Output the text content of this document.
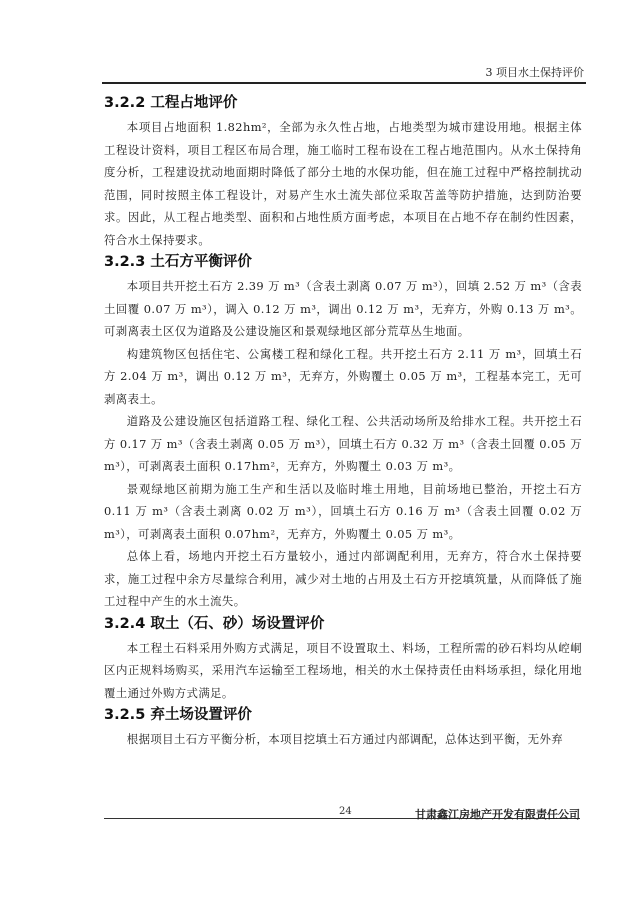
3 项目水土保持评价
3.2.2 工程占地评价

本项目占地面积 1.82hm²，全部为永久性占地，占地类型为城市建设用地。根据主体工程设计资料，项目工程区布局合理，施工临时工程布设在工程占地范围内。从水土保持角度分析，工程建设扰动地面期时降低了部分土地的水保功能，但在施工过程中严格控制扰动范围，同时按照主体工程设计，对易产生水土流失部位采取苫盖等防护措施，达到防治要求。因此，从工程占地类型、面积和占地性质方面考虑，本项目在占地不存在制约性因素，符合水土保持要求。

3.2.3 土石方平衡评价

本项目共开挖土石方 2.39 万 m³（含表土剥离 0.07 万 m³），回填 2.52 万 m³（含表土回覆 0.07 万 m³），调入 0.12 万 m³，调出 0.12 万 m³，无弃方，外购 0.13 万 m³。可剥离表土区仅为道路及公建设施区和景观绿地区部分荒草丛生地面。

构建筑物区包括住宅、公寓楼工程和绿化工程。共开挖土石方 2.11 万 m³，回填土石方 2.04 万 m³，调出 0.12 万 m³，无弃方，外购覆土 0.05 万 m³，工程基本完工，无可剥离表土。

道路及公建设施区包括道路工程、绿化工程、公共活动场所及给排水工程。共开挖土石方 0.17 万 m³（含表土剥离 0.05 万 m³），回填土石方 0.32 万 m³（含表土回覆 0.05 万 m³），可剥离表土面积 0.17hm²，无弃方，外购覆土 0.03 万 m³。

景观绿地区前期为施工生产和生活以及临时堆土用地，目前场地已整治，开挖土石方 0.11 万 m³（含表土剥离 0.02 万 m³），回填土石方 0.16 万 m³（含表土回覆 0.02 万 m³），可剥离表土面积 0.07hm²，无弃方，外购覆土 0.05 万 m³。

总体上看，场地内开挖土石方量较小，通过内部调配利用，无弃方，符合水土保持要求，施工过程中余方尽量综合利用，减少对土地的占用及土石方开挖填筑量，从而降低了施工过程中产生的水土流失。

3.2.4 取土（石、砂）场设置评价

本工程土石料采用外购方式满足，项目不设置取土、料场，工程所需的砂石料均从崆峒区内正规料场购买，采用汽车运输至工程场地，相关的水土保持责任由料场承担，绿化用地覆土通过外购方式满足。

3.2.5 弃土场设置评价

根据项目土石方平衡分析，本项目挖填土石方通过内部调配，总体达到平衡，无外弃

24	甘肃鑫江房地产开发有限责任公司
